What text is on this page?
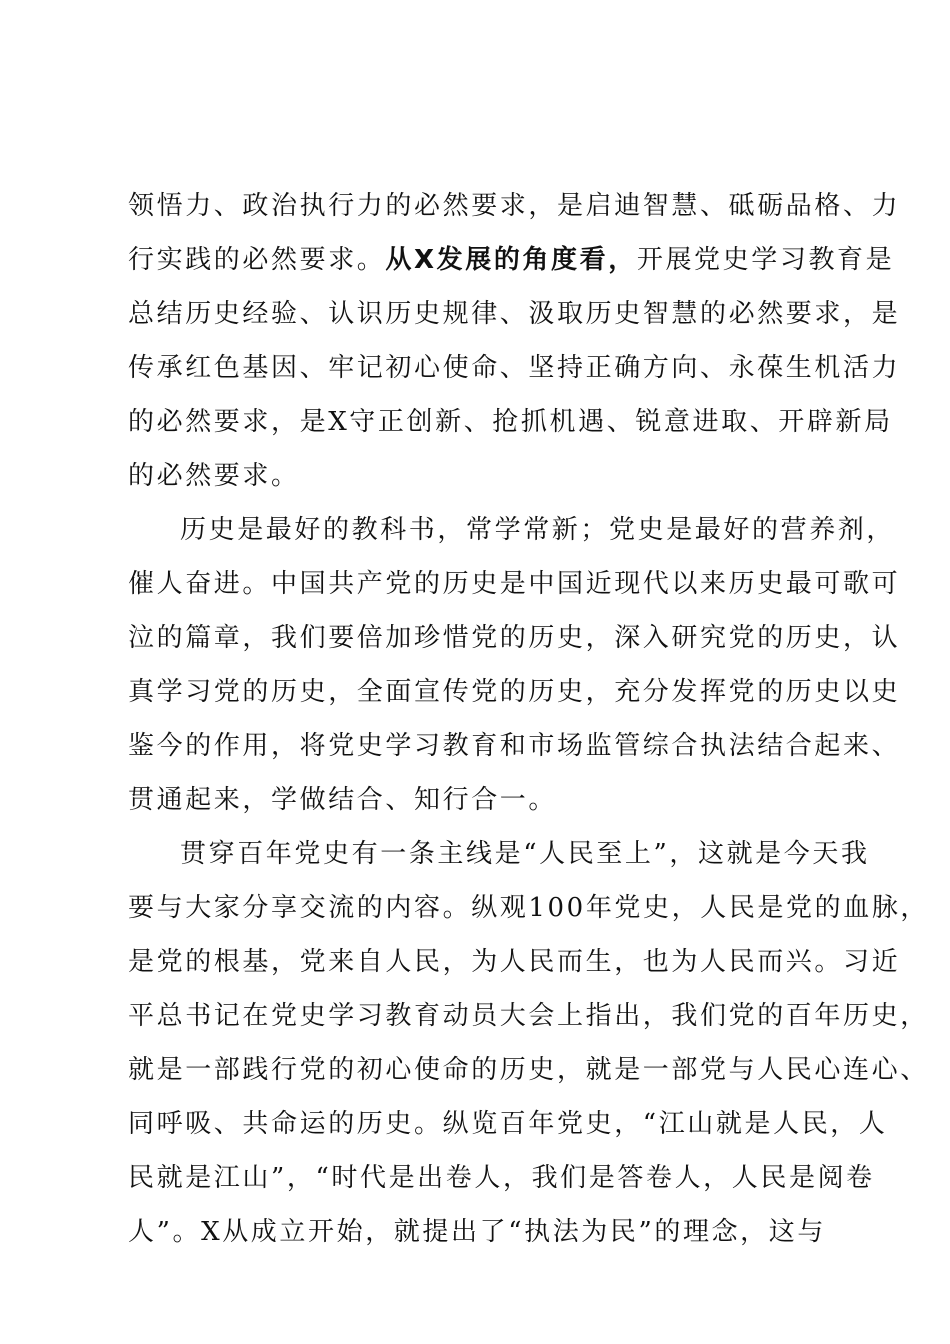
领悟力、政治执行力的必然要求，是启迪智慧、砥砺品格、力
行实践的必然要求。从X发展的角度看，开展党史学习教育是
总结历史经验、认识历史规律、汲取历史智慧的必然要求，是
传承红色基因、牢记初心使命、坚持正确方向、永葆生机活力
的必然要求，是X守正创新、抢抓机遇、锐意进取、开辟新局
的必然要求。
历史是最好的教科书，常学常新；党史是最好的营养剂，
催人奋进。中国共产党的历史是中国近现代以来历史最可歌可
泣的篇章，我们要倍加珍惜党的历史，深入研究党的历史，认
真学习党的历史，全面宣传党的历史，充分发挥党的历史以史
鉴今的作用，将党史学习教育和市场监管综合执法结合起来、
贯通起来，学做结合、知行合一。
贯穿百年党史有一条主线是“人民至上”，这就是今天我
要与大家分享交流的内容。纵观100年党史，人民是党的血脉，
是党的根基，党来自人民，为人民而生，也为人民而兴。习近
平总书记在党史学习教育动员大会上指出，我们党的百年历史，
就是一部践行党的初心使命的历史，就是一部党与人民心连心、
同呼吸、共命运的历史。纵览百年党史，“江山就是人民，人
民就是江山”，“时代是出卷人，我们是答卷人，人民是阅卷
人”。X从成立开始，就提出了“执法为民”的理念，这与
